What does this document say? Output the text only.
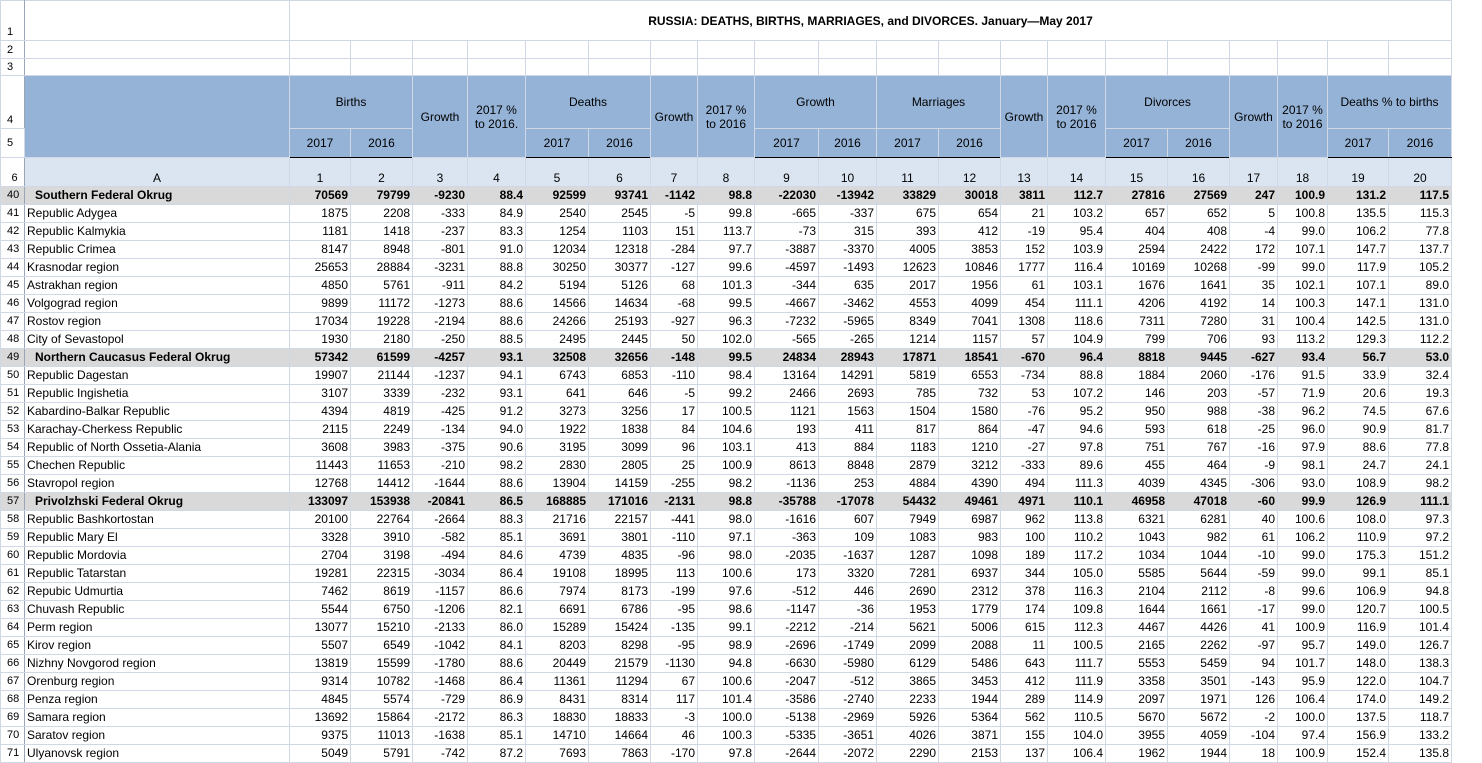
1		RUSSIA: DEATHS, BIRTHS, MARRIAGES, and DIVORCES. January—May 2017																			
2																					
3																					
4		Births		Growth	2017 % to 2016.	Deaths		Growth	2017 % to 2016	Growth		Marriages		Growth	2017 % to 2016	Divorces		Growth	2017 % to 2016	Deaths % to births	
5		2017	2016			2017	2016			2017	2016	2017	2016			2017	2016			2017	2016
6	A	1	2	3	4	5	6	7	8	9	10	11	12	13	14	15	16	17	18	19	20
40	Southern Federal Okrug	70569	79799	-9230	88.4	92599	93741	-1142	98.8	-22030	-13942	33829	30018	3811	112.7	27816	27569	247	100.9	131.2	117.5
41	Republic Adygea	1875	2208	-333	84.9	2540	2545	-5	99.8	-665	-337	675	654	21	103.2	657	652	5	100.8	135.5	115.3
42	Republic Kalmykia	1181	1418	-237	83.3	1254	1103	151	113.7	-73	315	393	412	-19	95.4	404	408	-4	99.0	106.2	77.8
43	Republic Crimea	8147	8948	-801	91.0	12034	12318	-284	97.7	-3887	-3370	4005	3853	152	103.9	2594	2422	172	107.1	147.7	137.7
44	Krasnodar region	25653	28884	-3231	88.8	30250	30377	-127	99.6	-4597	-1493	12623	10846	1777	116.4	10169	10268	-99	99.0	117.9	105.2
45	Astrakhan region	4850	5761	-911	84.2	5194	5126	68	101.3	-344	635	2017	1956	61	103.1	1676	1641	35	102.1	107.1	89.0
46	Volgograd region	9899	11172	-1273	88.6	14566	14634	-68	99.5	-4667	-3462	4553	4099	454	111.1	4206	4192	14	100.3	147.1	131.0
47	Rostov region	17034	19228	-2194	88.6	24266	25193	-927	96.3	-7232	-5965	8349	7041	1308	118.6	7311	7280	31	100.4	142.5	131.0
48	City of Sevastopol	1930	2180	-250	88.5	2495	2445	50	102.0	-565	-265	1214	1157	57	104.9	799	706	93	113.2	129.3	112.2
49	Northern Caucasus Federal Okrug	57342	61599	-4257	93.1	32508	32656	-148	99.5	24834	28943	17871	18541	-670	96.4	8818	9445	-627	93.4	56.7	53.0
50	Republic Dagestan	19907	21144	-1237	94.1	6743	6853	-110	98.4	13164	14291	5819	6553	-734	88.8	1884	2060	-176	91.5	33.9	32.4
51	Republic Ingishetia	3107	3339	-232	93.1	641	646	-5	99.2	2466	2693	785	732	53	107.2	146	203	-57	71.9	20.6	19.3
52	Kabardino-Balkar Republic	4394	4819	-425	91.2	3273	3256	17	100.5	1121	1563	1504	1580	-76	95.2	950	988	-38	96.2	74.5	67.6
53	Karachay-Cherkess Republic	2115	2249	-134	94.0	1922	1838	84	104.6	193	411	817	864	-47	94.6	593	618	-25	96.0	90.9	81.7
54	Republic of North Ossetia-Alania	3608	3983	-375	90.6	3195	3099	96	103.1	413	884	1183	1210	-27	97.8	751	767	-16	97.9	88.6	77.8
55	Chechen Republic	11443	11653	-210	98.2	2830	2805	25	100.9	8613	8848	2879	3212	-333	89.6	455	464	-9	98.1	24.7	24.1
56	Stavropol region	12768	14412	-1644	88.6	13904	14159	-255	98.2	-1136	253	4884	4390	494	111.3	4039	4345	-306	93.0	108.9	98.2
57	Privolzhski Federal Okrug	133097	153938	-20841	86.5	168885	171016	-2131	98.8	-35788	-17078	54432	49461	4971	110.1	46958	47018	-60	99.9	126.9	111.1
58	Republic Bashkortostan	20100	22764	-2664	88.3	21716	22157	-441	98.0	-1616	607	7949	6987	962	113.8	6321	6281	40	100.6	108.0	97.3
59	Republic Mary El	3328	3910	-582	85.1	3691	3801	-110	97.1	-363	109	1083	983	100	110.2	1043	982	61	106.2	110.9	97.2
60	Republic Mordovia	2704	3198	-494	84.6	4739	4835	-96	98.0	-2035	-1637	1287	1098	189	117.2	1034	1044	-10	99.0	175.3	151.2
61	Republic Tatarstan	19281	22315	-3034	86.4	19108	18995	113	100.6	173	3320	7281	6937	344	105.0	5585	5644	-59	99.0	99.1	85.1
62	Repubic Udmurtia	7462	8619	-1157	86.6	7974	8173	-199	97.6	-512	446	2690	2312	378	116.3	2104	2112	-8	99.6	106.9	94.8
63	Chuvash Republic	5544	6750	-1206	82.1	6691	6786	-95	98.6	-1147	-36	1953	1779	174	109.8	1644	1661	-17	99.0	120.7	100.5
64	Perm region	13077	15210	-2133	86.0	15289	15424	-135	99.1	-2212	-214	5621	5006	615	112.3	4467	4426	41	100.9	116.9	101.4
65	Kirov region	5507	6549	-1042	84.1	8203	8298	-95	98.9	-2696	-1749	2099	2088	11	100.5	2165	2262	-97	95.7	149.0	126.7
66	Nizhny Novgorod region	13819	15599	-1780	88.6	20449	21579	-1130	94.8	-6630	-5980	6129	5486	643	111.7	5553	5459	94	101.7	148.0	138.3
67	Orenburg region	9314	10782	-1468	86.4	11361	11294	67	100.6	-2047	-512	3865	3453	412	111.9	3358	3501	-143	95.9	122.0	104.7
68	Penza region	4845	5574	-729	86.9	8431	8314	117	101.4	-3586	-2740	2233	1944	289	114.9	2097	1971	126	106.4	174.0	149.2
69	Samara region	13692	15864	-2172	86.3	18830	18833	-3	100.0	-5138	-2969	5926	5364	562	110.5	5670	5672	-2	100.0	137.5	118.7
70	Saratov region	9375	11013	-1638	85.1	14710	14664	46	100.3	-5335	-3651	4026	3871	155	104.0	3955	4059	-104	97.4	156.9	133.2
71	Ulyanovsk region	5049	5791	-742	87.2	7693	7863	-170	97.8	-2644	-2072	2290	2153	137	106.4	1962	1944	18	100.9	152.4	135.8
